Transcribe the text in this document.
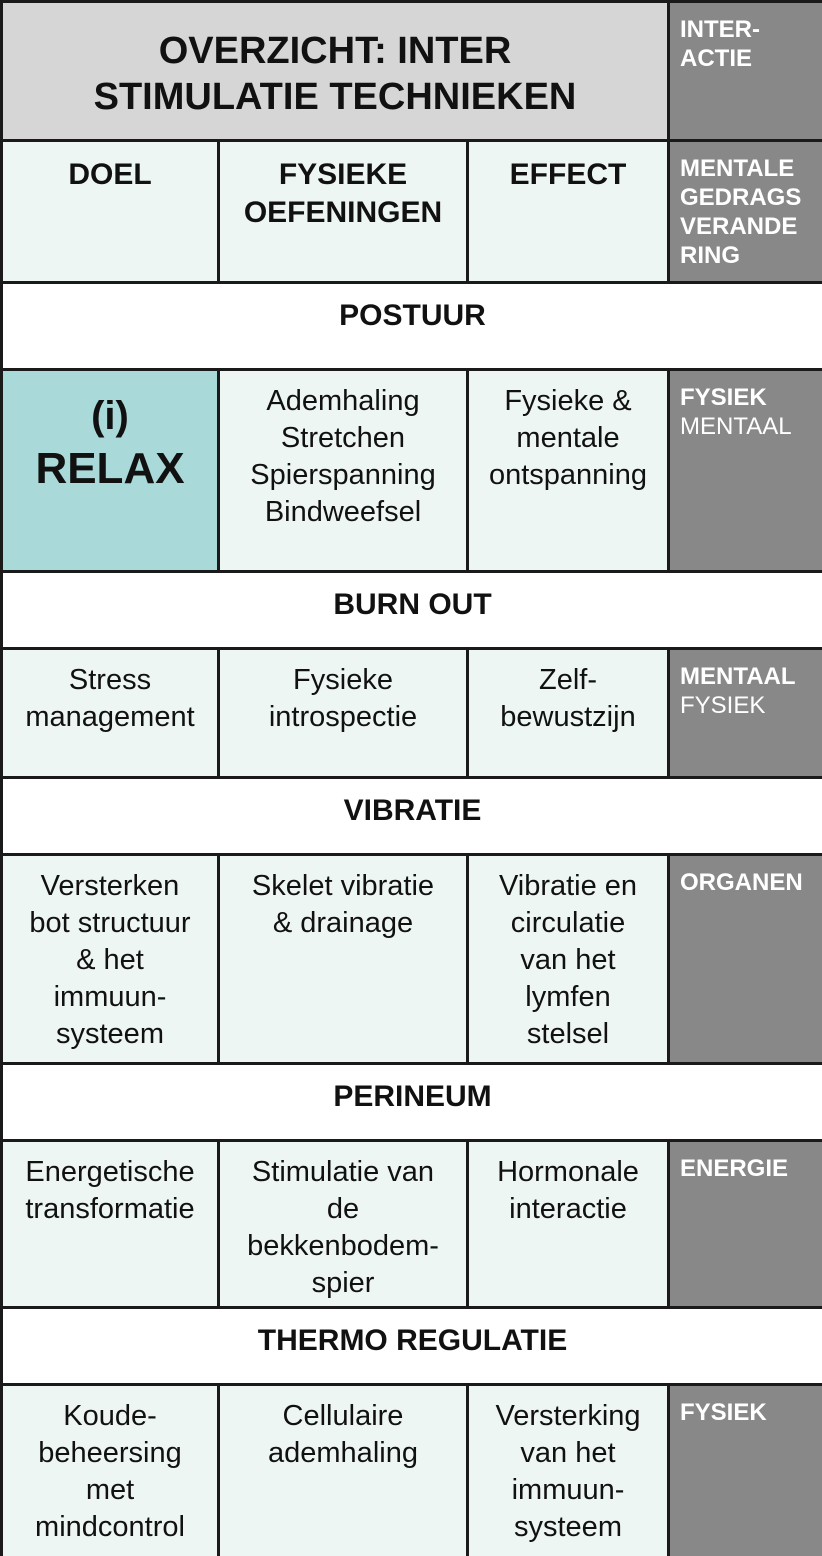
OVERZICHT: INTER
STIMULATIE TECHNIEKEN
INTER-
ACTIE
DOEL	FYSIEKE
OEFENINGEN
EFFECT	MENTALE
GEDRAGS
VERANDE
RING
POSTUUR
(i)
RELAX
Ademhaling
Stretchen
Spierspanning
Bindweefsel
Fysieke &
mentale
ontspanning
FYSIEK
MENTAAL
BURN OUT
Stress
management
Fysieke
introspectie
Zelf-
bewustzijn
MENTAAL
FYSIEK
VIBRATIE
Versterken
bot structuur
& het
immuun-
systeem
Skelet vibratie
& drainage
Vibratie en
circulatie
van het
lymfen
stelsel
ORGANEN
PERINEUM
Energetische
transformatie
Stimulatie van
de
bekkenbodem-
spier
Hormonale
interactie
ENERGIE
THERMO REGULATIE
Koude-
beheersing
met
mindcontrol
Cellulaire
ademhaling
Versterking
van het
immuun-
systeem
FYSIEK
